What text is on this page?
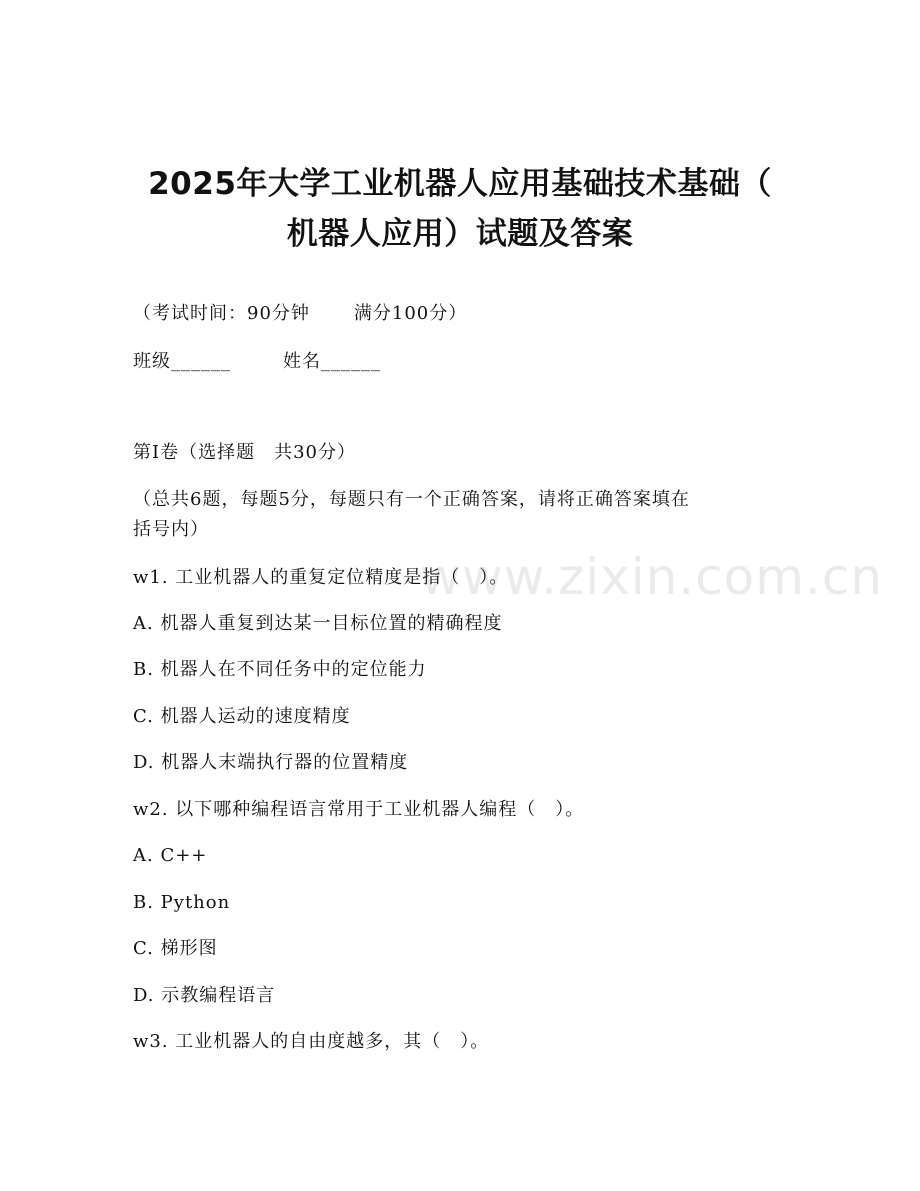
www.zixin.com.cn
2025年大学工业机器人应用基础技术基础（
机器人应用）试题及答案
（考试时间：90分钟 满分100分）
班级______	姓名______
第Ⅰ卷（选择题　共30分）
（总共6题，每题5分，每题只有一个正确答案，请将正确答案填在
括号内）
w1. 工业机器人的重复定位精度是指（　）。
A. 机器人重复到达某一目标位置的精确程度
B. 机器人在不同任务中的定位能力
C. 机器人运动的速度精度
D. 机器人末端执行器的位置精度
w2. 以下哪种编程语言常用于工业机器人编程（　）。
A. C++
B. Python
C. 梯形图
D. 示教编程语言
w3. 工业机器人的自由度越多，其（　）。
